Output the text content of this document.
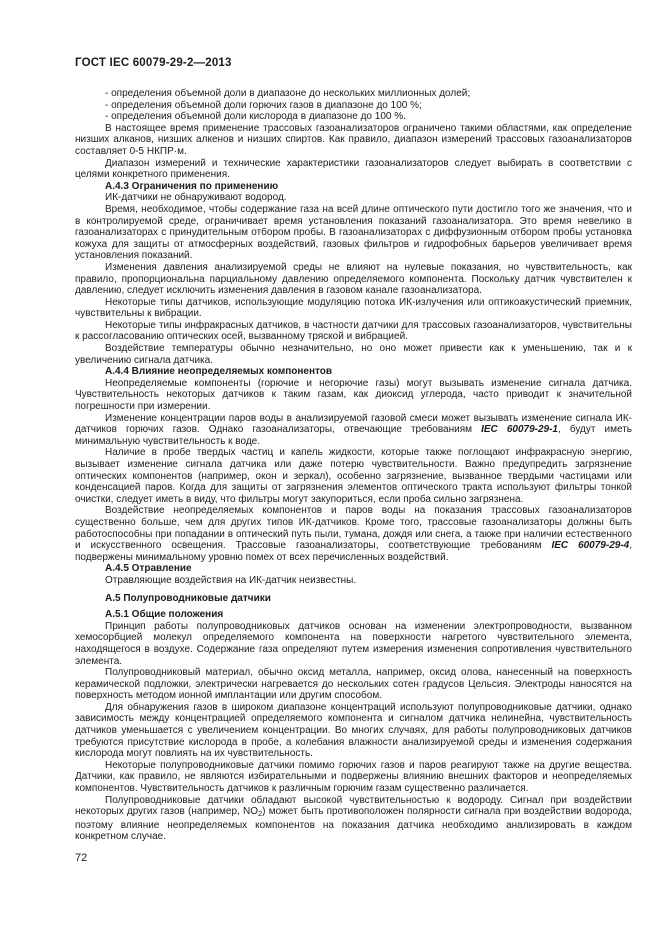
ГОСТ IEC 60079-29-2—2013
- определения объемной доли в диапазоне до нескольких миллионных долей;
- определения объемной доли горючих газов в диапазоне до 100 %;
- определения объемной доли кислорода в диапазоне до 100 %.
В настоящее время применение трассовых газоанализаторов ограничено такими областями, как определение низших алканов, низших алкенов и низших спиртов. Как правило, диапазон измерений трассовых газоанализаторов составляет 0-5 НКПР·м.
Диапазон измерений и технические характеристики газоанализаторов следует выбирать в соответствии с целями конкретного применения.
А.4.3 Ограничения по применению
ИК-датчики не обнаруживают водород.
Время, необходимое, чтобы содержание газа на всей длине оптического пути достигло того же значения, что и в контролируемой среде, ограничивает время установления показаний газоанализатора. Это время невелико в газоанализаторах с принудительным отбором пробы. В газоанализаторах с диффузионным отбором пробы установка кожуха для защиты от атмосферных воздействий, газовых фильтров и гидрофобных барьеров увеличивает время установления показаний.
Изменения давления анализируемой среды не влияют на нулевые показания, но чувствительность, как правило, пропорциональна парциальному давлению определяемого компонента. Поскольку датчик чувствителен к давлению, следует исключить изменения давления в газовом канале газоанализатора.
Некоторые типы датчиков, использующие модуляцию потока ИК-излучения или оптикоакустический приемник, чувствительны к вибрации.
Некоторые типы инфракрасных датчиков, в частности датчики для трассовых газоанализаторов, чувствительны к рассогласованию оптических осей, вызванному тряской и вибрацией.
Воздействие температуры обычно незначительно, но оно может привести как к уменьшению, так и к увеличению сигнала датчика.
А.4.4 Влияние неопределяемых компонентов
Неопределяемые компоненты (горючие и негорючие газы) могут вызывать изменение сигнала датчика. Чувствительность некоторых датчиков к таким газам, как диоксид углерода, часто приводит к значительной погрешности при измерении.
Изменение концентрации паров воды в анализируемой газовой смеси может вызывать изменение сигнала ИК-датчиков горючих газов. Однако газоанализаторы, отвечающие требованиям IEC 60079-29-1, будут иметь минимальную чувствительность к воде.
Наличие в пробе твердых частиц и капель жидкости, которые также поглощают инфракрасную энергию, вызывает изменение сигнала датчика или даже потерю чувствительности. Важно предупредить загрязнение оптических компонентов (например, окон и зеркал), особенно загрязнение, вызванное твердыми частицами или конденсацией паров. Когда для защиты от загрязнения элементов оптического тракта используют фильтры тонкой очистки, следует иметь в виду, что фильтры могут закупориться, если проба сильно загрязнена.
Воздействие неопределяемых компонентов и паров воды на показания трассовых газоанализаторов существенно больше, чем для других типов ИК-датчиков. Кроме того, трассовые газоанализаторы должны быть работоспособны при попадании в оптический путь пыли, тумана, дождя или снега, а также при наличии естественного и искусственного освещения. Трассовые газоанализаторы, соответствующие требованиям IEC 60079-29-4, подвержены минимальному уровню помех от всех перечисленных воздействий.
А.4.5 Отравление
Отравляющие воздействия на ИК-датчик неизвестны.
А.5 Полупроводниковые датчики
А.5.1 Общие положения
Принцип работы полупроводниковых датчиков основан на изменении электропроводности, вызванном хемосорбцией молекул определяемого компонента на поверхности нагретого чувствительного элемента, находящегося в воздухе. Содержание газа определяют путем измерения изменения сопротивления чувствительного элемента.
Полупроводниковый материал, обычно оксид металла, например, оксид олова, нанесенный на поверхность керамической подложки, электрически нагревается до нескольких сотен градусов Цельсия. Электроды наносятся на поверхность методом ионной имплантации или другим способом.
Для обнаружения газов в широком диапазоне концентраций используют полупроводниковые датчики, однако зависимость между концентрацией определяемого компонента и сигналом датчика нелинейна, чувствительность датчиков уменьшается с увеличением концентрации. Во многих случаях, для работы полупроводниковых датчиков требуются присутствие кислорода в пробе, а колебания влажности анализируемой среды и изменения содержания кислорода могут повлиять на их чувствительность.
Некоторые полупроводниковые датчики помимо горючих газов и паров реагируют также на другие вещества. Датчики, как правило, не являются избирательными и подвержены влиянию внешних факторов и неопределяемых компонентов. Чувствительность датчиков к различным горючим газам существенно различается.
Полупроводниковые датчики обладают высокой чувствительностью к водороду. Сигнал при воздействии некоторых других газов (например, $NO_2$) может быть противоположен полярности сигнала при воздействии водорода, поэтому влияние неопределяемых компонентов на показания датчика необходимо анализировать в каждом конкретном случае.
72
